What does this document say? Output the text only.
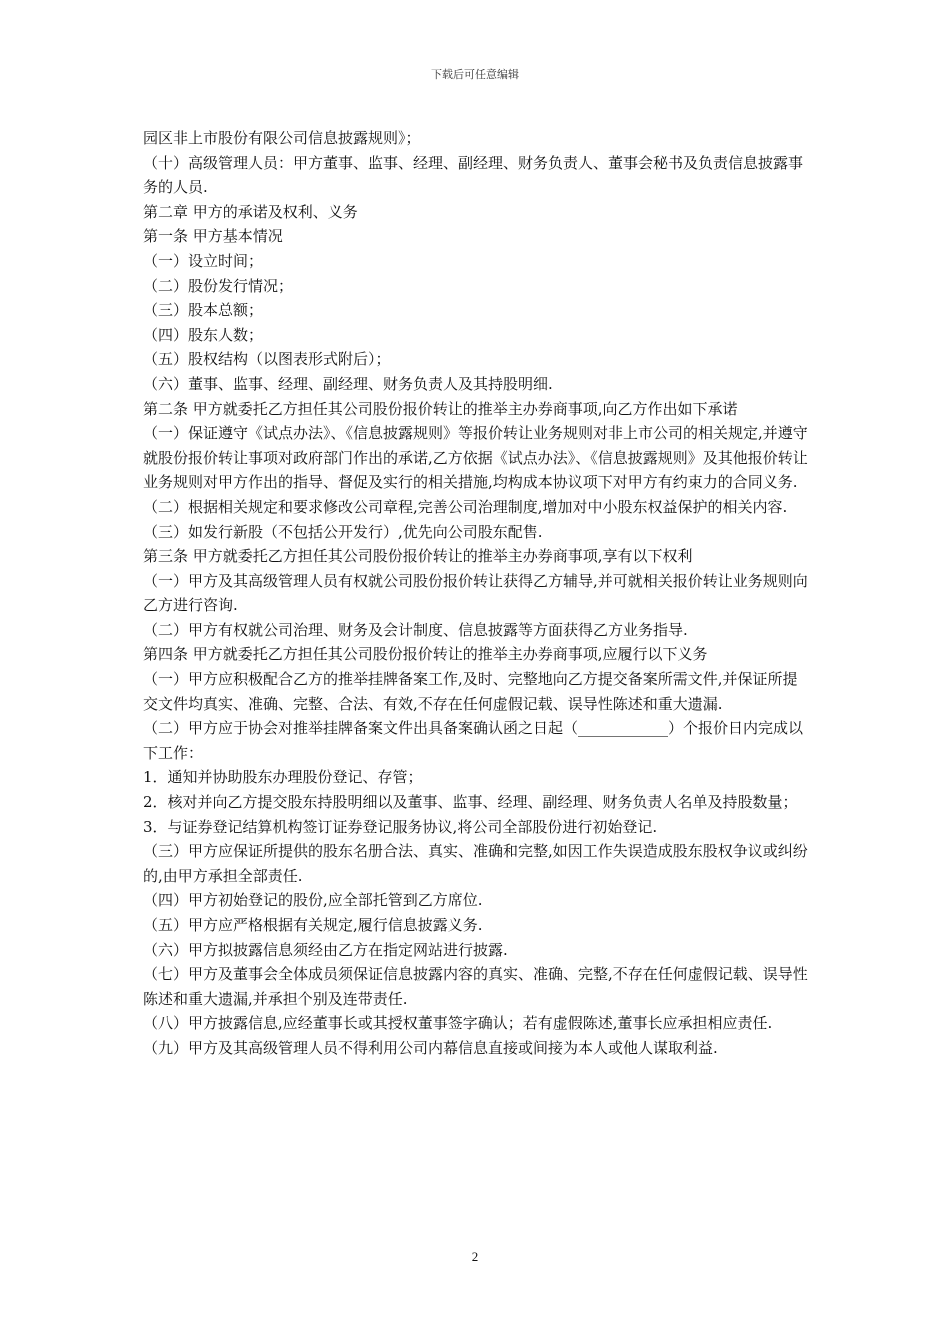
下载后可任意编辑

园区非上市股份有限公司信息披露规则》；

（十）高级管理人员：甲方董事、监事、经理、副经理、财务负责人、董事会秘书及负责信息披露事务的人员.

第二章 甲方的承诺及权利、义务

第一条 甲方基本情况

（一）设立时间；

（二）股份发行情况；

（三）股本总额；

（四）股东人数；

（五）股权结构（以图表形式附后）；

（六）董事、监事、经理、副经理、财务负责人及其持股明细.

第二条 甲方就委托乙方担任其公司股份报价转让的推举主办券商事项,向乙方作出如下承诺

（一）保证遵守《试点办法》、《信息披露规则》等报价转让业务规则对非上市公司的相关规定,并遵守就股份报价转让事项对政府部门作出的承诺,乙方依据《试点办法》、《信息披露规则》及其他报价转让业务规则对甲方作出的指导、督促及实行的相关措施,均构成本协议项下对甲方有约束力的合同义务.

（二）根据相关规定和要求修改公司章程,完善公司治理制度,增加对中小股东权益保护的相关内容.

（三）如发行新股（不包括公开发行）,优先向公司股东配售.

第三条 甲方就委托乙方担任其公司股份报价转让的推举主办券商事项,享有以下权利

（一）甲方及其高级管理人员有权就公司股份报价转让获得乙方辅导,并可就相关报价转让业务规则向乙方进行咨询.

（二）甲方有权就公司治理、财务及会计制度、信息披露等方面获得乙方业务指导.

第四条 甲方就委托乙方担任其公司股份报价转让的推举主办券商事项,应履行以下义务

（一）甲方应积极配合乙方的推举挂牌备案工作,及时、完整地向乙方提交备案所需文件,并保证所提交文件均真实、准确、完整、合法、有效,不存在任何虚假记载、误导性陈述和重大遗漏.

（二）甲方应于协会对推举挂牌备案文件出具备案确认函之日起（____________）个报价日内完成以下工作：

1．通知并协助股东办理股份登记、存管；

2．核对并向乙方提交股东持股明细以及董事、监事、经理、副经理、财务负责人名单及持股数量；

3．与证券登记结算机构签订证券登记服务协议,将公司全部股份进行初始登记.

（三）甲方应保证所提供的股东名册合法、真实、准确和完整,如因工作失误造成股东股权争议或纠纷的,由甲方承担全部责任.

（四）甲方初始登记的股份,应全部托管到乙方席位.

（五）甲方应严格根据有关规定,履行信息披露义务.

（六）甲方拟披露信息须经由乙方在指定网站进行披露.

（七）甲方及董事会全体成员须保证信息披露内容的真实、准确、完整,不存在任何虚假记载、误导性陈述和重大遗漏,并承担个别及连带责任.

（八）甲方披露信息,应经董事长或其授权董事签字确认；若有虚假陈述,董事长应承担相应责任.

（九）甲方及其高级管理人员不得利用公司内幕信息直接或间接为本人或他人谋取利益.

2
